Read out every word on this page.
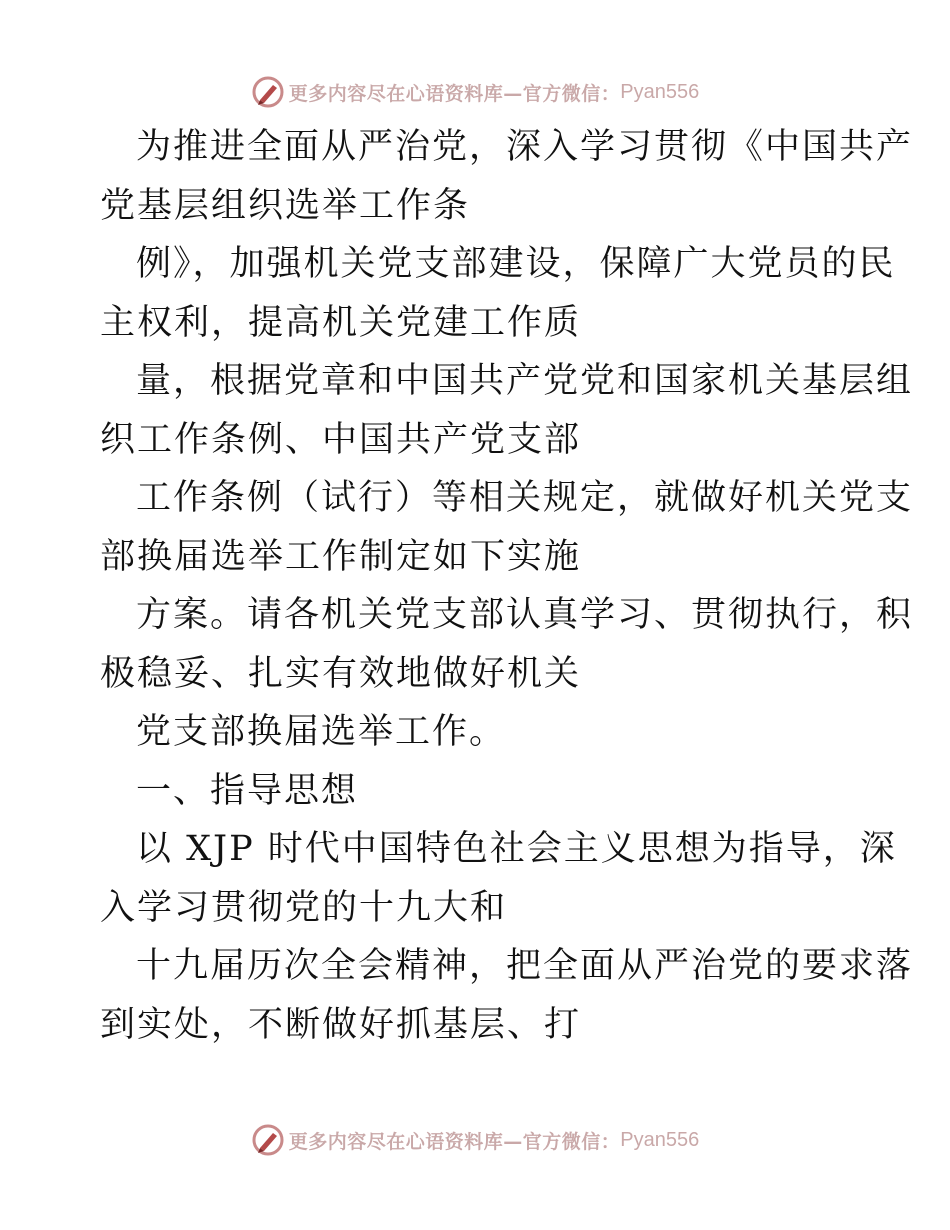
更多内容尽在心语资料库—官方微信： Pyan556
为推进全面从严治党，深入学习贯彻《中国共产
党基层组织选举工作条
例》，加强机关党支部建设，保障广大党员的民
主权利，提高机关党建工作质
量，根据党章和中国共产党党和国家机关基层组
织工作条例、中国共产党支部
工作条例（试行）等相关规定，就做好机关党支
部换届选举工作制定如下实施
方案。请各机关党支部认真学习、贯彻执行，积
极稳妥、扎实有效地做好机关
党支部换届选举工作。
一、指导思想
以 XJP 时代中国特色社会主义思想为指导，深
入学习贯彻党的十九大和
十九届历次全会精神，把全面从严治党的要求落
到实处，不断做好抓基层、打
更多内容尽在心语资料库—官方微信： Pyan556
